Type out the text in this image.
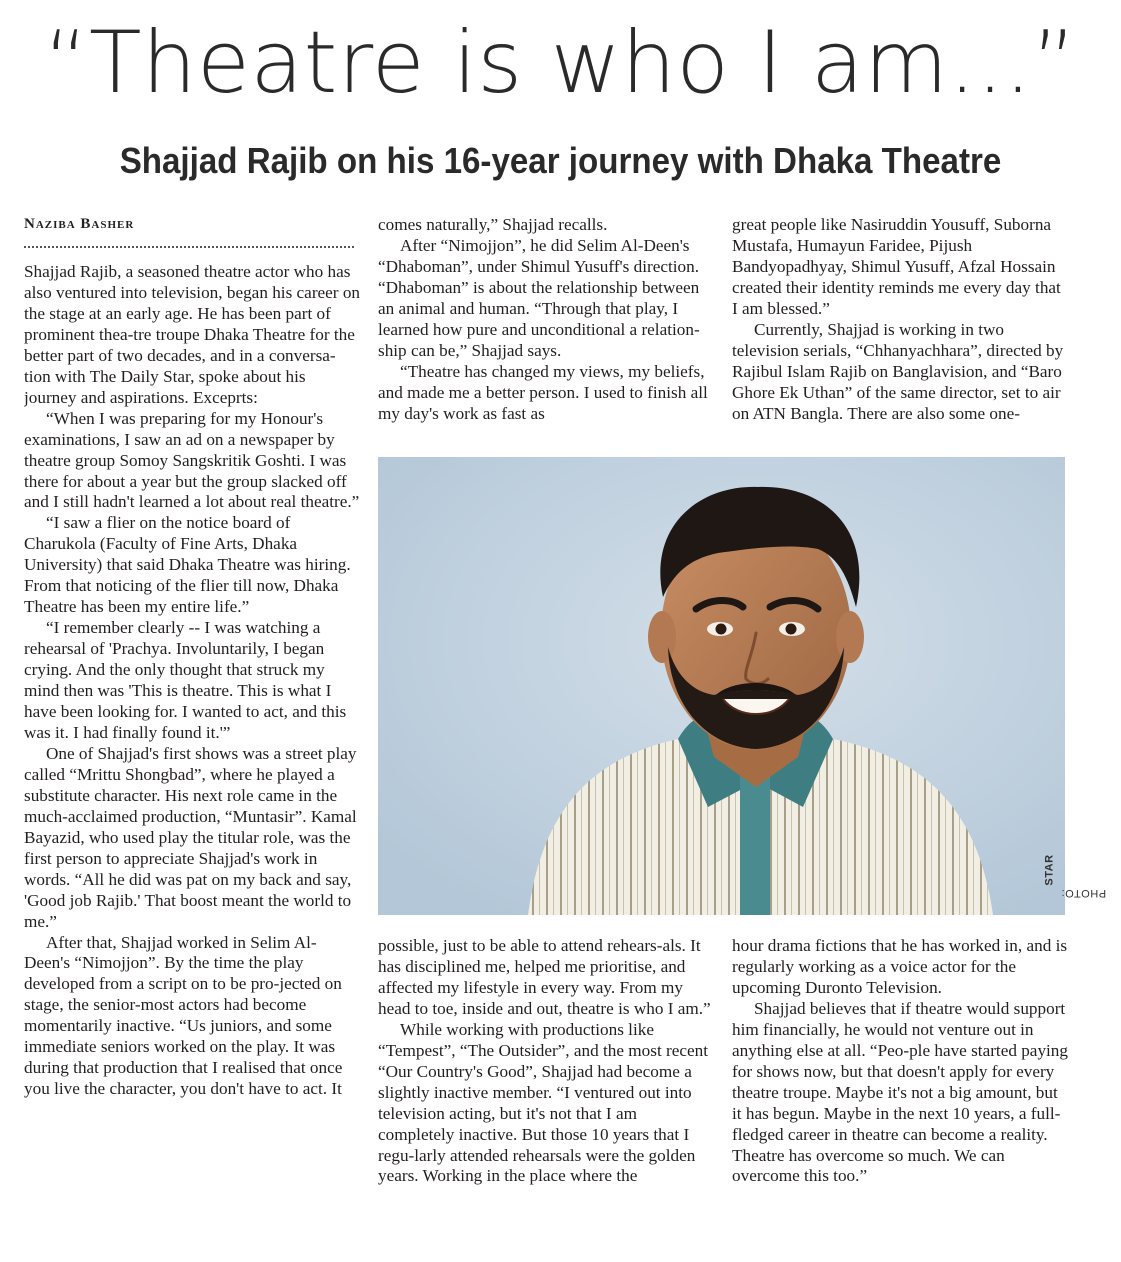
“Theatre is who I am...”
Shajjad Rajib on his 16-year journey with Dhaka Theatre
Naziba Basher

Shajjad Rajib, a seasoned theatre actor who has also ventured into television, began his career on the stage at an early age. He has been part of prominent thea-tre troupe Dhaka Theatre for the better part of two decades, and in a conversa-tion with The Daily Star, spoke about his journey and aspirations. Exceprts:

“When I was preparing for my Honour's examinations, I saw an ad on a newspaper by theatre group Somoy Sangskritik Goshti. I was there for about a year but the group slacked off and I still hadn't learned a lot about real theatre.”

“I saw a flier on the notice board of Charukola (Faculty of Fine Arts, Dhaka University) that said Dhaka Theatre was hiring. From that noticing of the flier till now, Dhaka Theatre has been my entire life.”

“I remember clearly -- I was watching a rehearsal of 'Prachya. Involuntarily, I began crying. And the only thought that struck my mind then was 'This is theatre. This is what I have been looking for. I wanted to act, and this was it. I had finally found it.'”

One of Shajjad's first shows was a street play called “Mrittu Shongbad”, where he played a substitute character. His next role came in the much-acclaimed production, “Muntasir”. Kamal Bayazid, who used play the titular role, was the first person to appreciate Shajjad's work in words. “All he did was pat on my back and say, 'Good job Rajib.' That boost meant the world to me.”

After that, Shajjad worked in Selim Al-Deen's “Nimojjon”. By the time the play developed from a script on to be pro-jected on stage, the senior-most actors had become momentarily inactive. “Us juniors, and some immediate seniors worked on the play. It was during that production that I realised that once you live the character, you don't have to act. It

comes naturally,” Shajjad recalls.

After “Nimojjon”, he did Selim Al-Deen's “Dhaboman”, under Shimul Yusuff's direction. “Dhaboman” is about the relationship between an animal and human. “Through that play, I learned how pure and unconditional a relation-ship can be,” Shajjad says.

“Theatre has changed my views, my beliefs, and made me a better person. I used to finish all my day's work as fast as

great people like Nasiruddin Yousuff, Suborna Mustafa, Humayun Faridee, Pijush Bandyopadhyay, Shimul Yusuff, Afzal Hossain created their identity reminds me every day that I am blessed.”

Currently, Shajjad is working in two television serials, “Chhanyachhara”, directed by Rajibul Islam Rajib on Banglavision, and “Baro Ghore Ek Uthan” of the same director, set to air on ATN Bangla. There are also some one-

PHOTO:
STAR

possible, just to be able to attend rehears-als. It has disciplined me, helped me prioritise, and affected my lifestyle in every way. From my head to toe, inside and out, theatre is who I am.”

While working with productions like “Tempest”, “The Outsider”, and the most recent “Our Country's Good”, Shajjad had become a slightly inactive member. “I ventured out into television acting, but it's not that I am completely inactive. But those 10 years that I regu-larly attended rehearsals were the golden years. Working in the place where the

hour drama fictions that he has worked in, and is regularly working as a voice actor for the upcoming Duronto Television.

Shajjad believes that if theatre would support him financially, he would not venture out in anything else at all. “Peo-ple have started paying for shows now, but that doesn't apply for every theatre troupe. Maybe it's not a big amount, but it has begun. Maybe in the next 10 years, a full-fledged career in theatre can become a reality. Theatre has overcome so much. We can overcome this too.”
